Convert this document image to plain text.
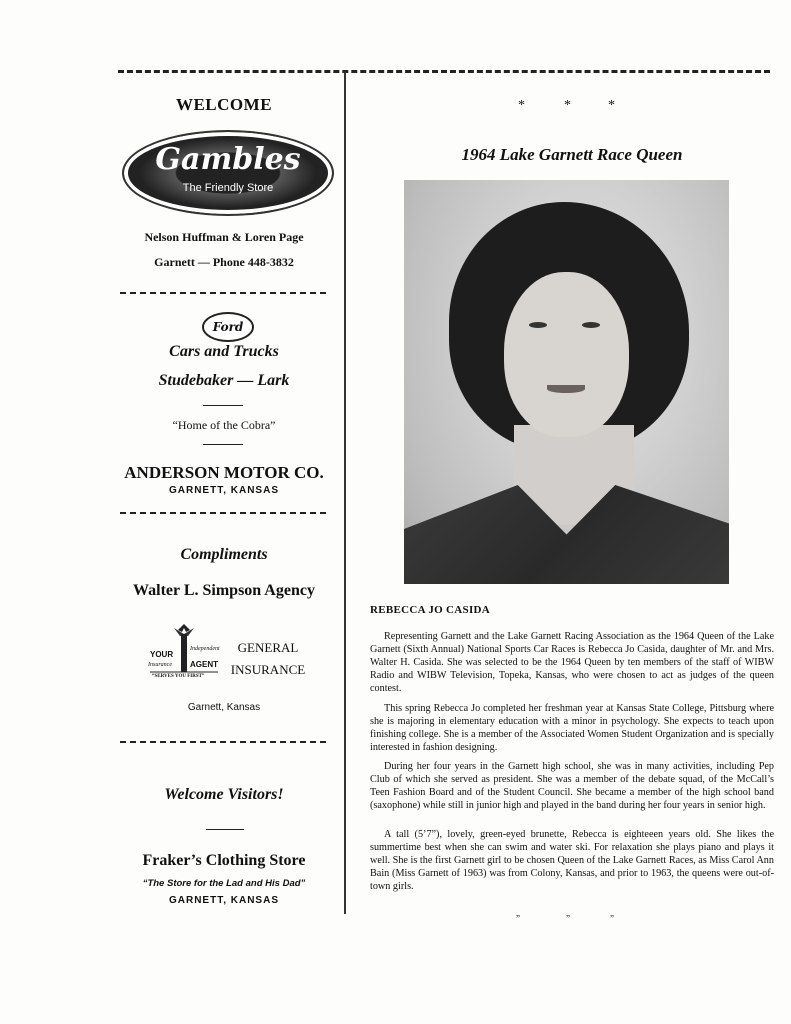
WELCOME
Gambles
The Friendly Store
Nelson Huffman & Loren Page
Garnett — Phone 448-3832
Ford
Cars and Trucks
Studebaker — Lark
“Home of the Cobra”
ANDERSON MOTOR CO.
GARNETT, KANSAS
Compliments
Walter L. Simpson Agency
YOUR
Independent
Insurance AGENT
“SERVES YOU FIRST”
GENERAL
INSURANCE
Garnett, Kansas
Welcome Visitors!
Fraker’s Clothing Store
“The Store for the Lad and His Dad”
GARNETT, KANSAS
*	*	*
1964 Lake Garnett Race Queen
REBECCA JO CASIDA

Representing Garnett and the Lake Garnett Racing Association as the 1964 Queen of the Lake Garnett (Sixth Annual) National Sports Car Races is Rebecca Jo Casida, daughter of Mr. and Mrs. Walter H. Casida. She was selected to be the 1964 Queen by ten members of the staff of WIBW Radio and WIBW Television, Topeka, Kansas, who were chosen to act as judges of the queen contest.

This spring Rebecca Jo completed her freshman year at Kansas State College, Pittsburg where she is majoring in elementary education with a minor in psychology. She expects to teach upon finishing college. She is a member of the Associated Women Student Organization and is specially interested in fashion designing.

During her four years in the Garnett high school, she was in many activities, including Pep Club of which she served as president. She was a member of the debate squad, of the McCall’s Teen Fashion Board and of the Student Council. She became a member of the high school band (saxophone) while still in junior high and played in the band during her four years in senior high.

A tall (5’7”), lovely, green-eyed brunette, Rebecca is eighteeen years old. She likes the summertime best when she can swim and water ski. For relaxation she plays piano and plays it well. She is the first Garnett girl to be chosen Queen of the Lake Garnett Races, as Miss Carol Ann Bain (Miss Garnett of 1963) was from Colony, Kansas, and prior to 1963, the queens were out-of-town girls.

„	„	„
